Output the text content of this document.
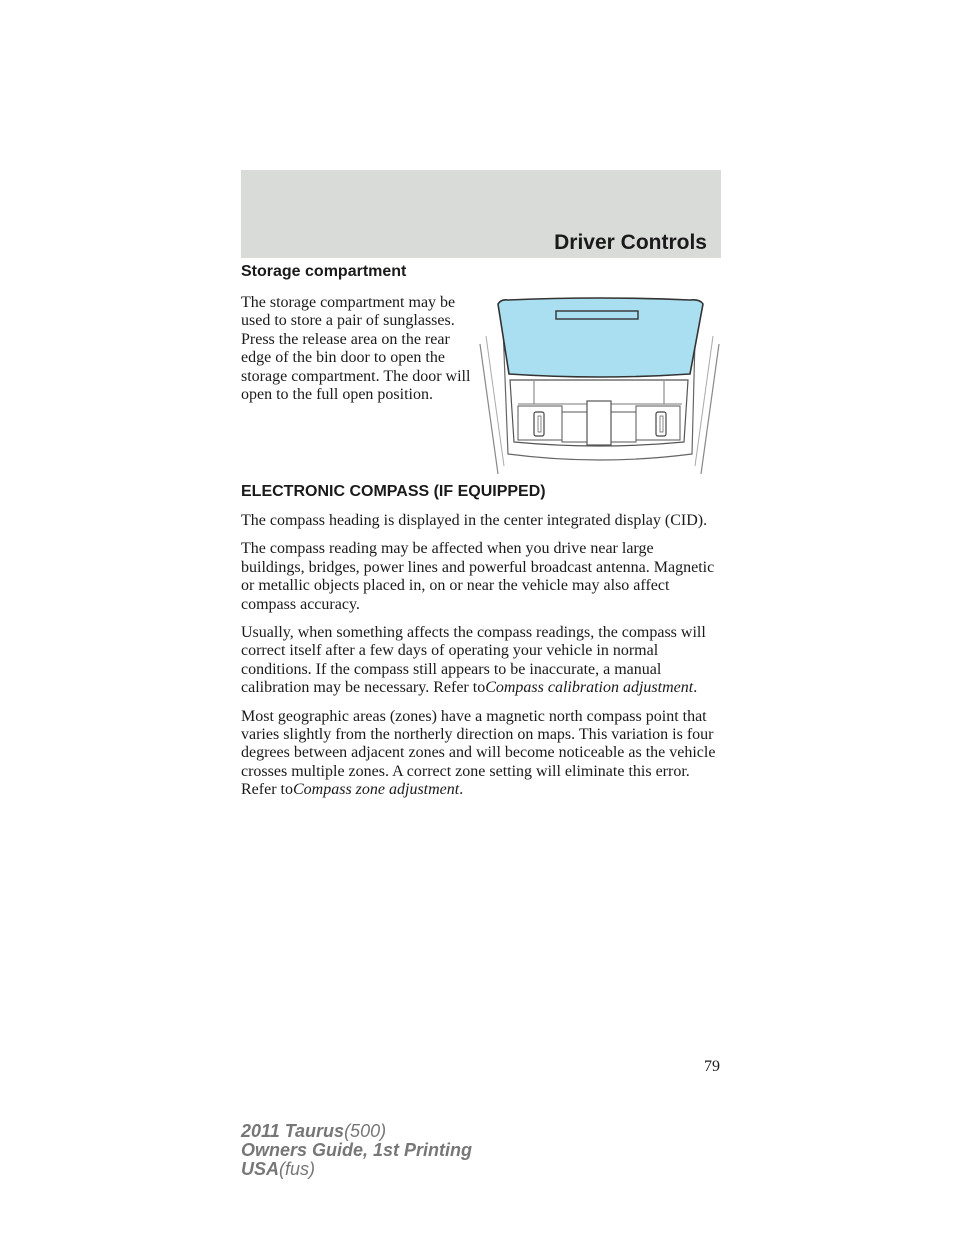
Driver Controls
Storage compartment

The storage compartment may be used to store a pair of sunglasses. Press the release area on the rear edge of the bin door to open the storage compartment. The door will open to the full open position.

ELECTRONIC COMPASS (IF EQUIPPED)

The compass heading is displayed in the center integrated display (CID).

The compass reading may be affected when you drive near large buildings, bridges, power lines and powerful broadcast antenna. Magnetic or metallic objects placed in, on or near the vehicle may also affect compass accuracy.

Usually, when something affects the compass readings, the compass will correct itself after a few days of operating your vehicle in normal conditions. If the compass still appears to be inaccurate, a manual calibration may be necessary. Refer toCompass calibration adjustment.

Most geographic areas (zones) have a magnetic north compass point that varies slightly from the northerly direction on maps. This variation is four degrees between adjacent zones and will become noticeable as the vehicle crosses multiple zones. A correct zone setting will eliminate this error. Refer toCompass zone adjustment.

79
2011 Taurus(500)
Owners Guide, 1st Printing
USA(fus)
